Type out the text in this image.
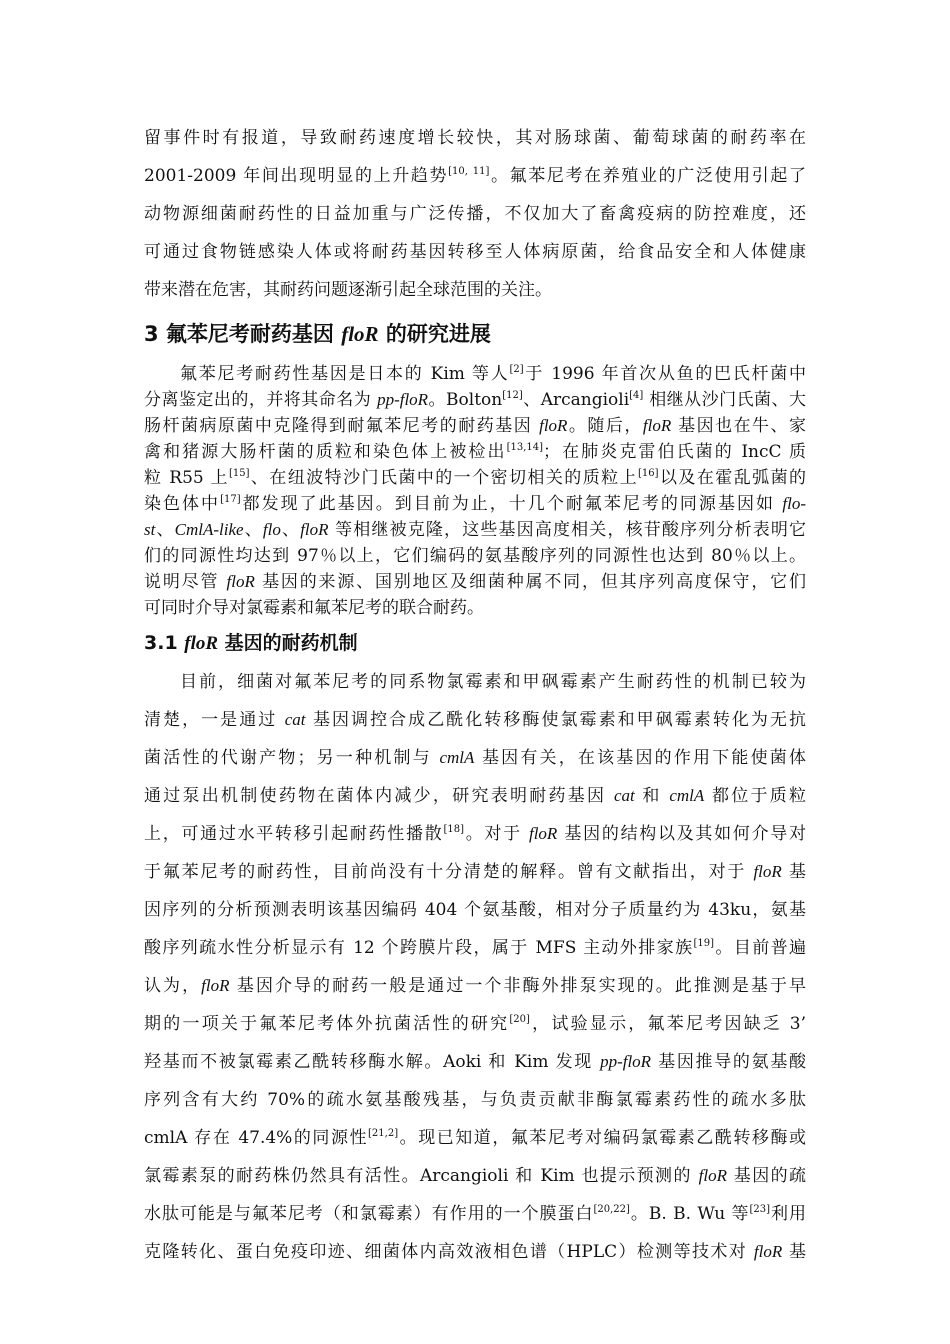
留事件时有报道，导致耐药速度增长较快，其对肠球菌、葡萄球菌的耐药率在
2001-2009 年间出现明显的上升趋势[10, 11]。氟苯尼考在养殖业的广泛使用引起了
动物源细菌耐药性的日益加重与广泛传播，不仅加大了畜禽疫病的防控难度，还
可通过食物链感染人体或将耐药基因转移至人体病原菌，给食品安全和人体健康
带来潜在危害，其耐药问题逐渐引起全球范围的关注。
3 氟苯尼考耐药基因 floR 的研究进展
氟苯尼考耐药性基因是日本的 Kim 等人[2]于 1996 年首次从鱼的巴氏杆菌中
分离鉴定出的，并将其命名为 pp-floR。Bolton[12]、Arcangioli[4] 相继从沙门氏菌、大
肠杆菌病原菌中克隆得到耐氟苯尼考的耐药基因 floR。随后，floR 基因也在牛、家
禽和猪源大肠杆菌的质粒和染色体上被检出[13,14]；在肺炎克雷伯氏菌的 IncC 质
粒 R55 上[15]、在纽波特沙门氏菌中的一个密切相关的质粒上[16]以及在霍乱弧菌的
染色体中[17]都发现了此基因。到目前为止，十几个耐氟苯尼考的同源基因如 flo-
st、CmlA-like、flo、floR 等相继被克隆，这些基因高度相关，核苷酸序列分析表明它
们的同源性均达到 97％以上，它们编码的氨基酸序列的同源性也达到 80％以上。
说明尽管 floR 基因的来源、国别地区及细菌种属不同，但其序列高度保守，它们
可同时介导对氯霉素和氟苯尼考的联合耐药。
3.1 floR 基因的耐药机制
目前，细菌对氟苯尼考的同系物氯霉素和甲砜霉素产生耐药性的机制已较为
清楚，一是通过 cat 基因调控合成乙酰化转移酶使氯霉素和甲砜霉素转化为无抗
菌活性的代谢产物；另一种机制与 cmlA 基因有关，在该基因的作用下能使菌体
通过泵出机制使药物在菌体内减少，研究表明耐药基因 cat 和 cmlA 都位于质粒
上，可通过水平转移引起耐药性播散[18]。对于 floR 基因的结构以及其如何介导对
于氟苯尼考的耐药性，目前尚没有十分清楚的解释。曾有文献指出，对于 floR 基
因序列的分析预测表明该基因编码 404 个氨基酸，相对分子质量约为 43ku，氨基
酸序列疏水性分析显示有 12 个跨膜片段，属于 MFS 主动外排家族[19]。目前普遍
认为，floR 基因介导的耐药一般是通过一个非酶外排泵实现的。此推测是基于早
期的一项关于氟苯尼考体外抗菌活性的研究[20]，试验显示，氟苯尼考因缺乏 3’
羟基而不被氯霉素乙酰转移酶水解。Aoki 和 Kim 发现 pp-floR 基因推导的氨基酸
序列含有大约 70%的疏水氨基酸残基，与负责贡献非酶氯霉素药性的疏水多肽
cmlA 存在 47.4%的同源性[21,2]。现已知道，氟苯尼考对编码氯霉素乙酰转移酶或
氯霉素泵的耐药株仍然具有活性。Arcangioli 和 Kim 也提示预测的 floR 基因的疏
水肽可能是与氟苯尼考（和氯霉素）有作用的一个膜蛋白[20,22]。B. B. Wu 等[23]利用
克隆转化、蛋白免疫印迹、细菌体内高效液相色谱（HPLC）检测等技术对 floR 基
